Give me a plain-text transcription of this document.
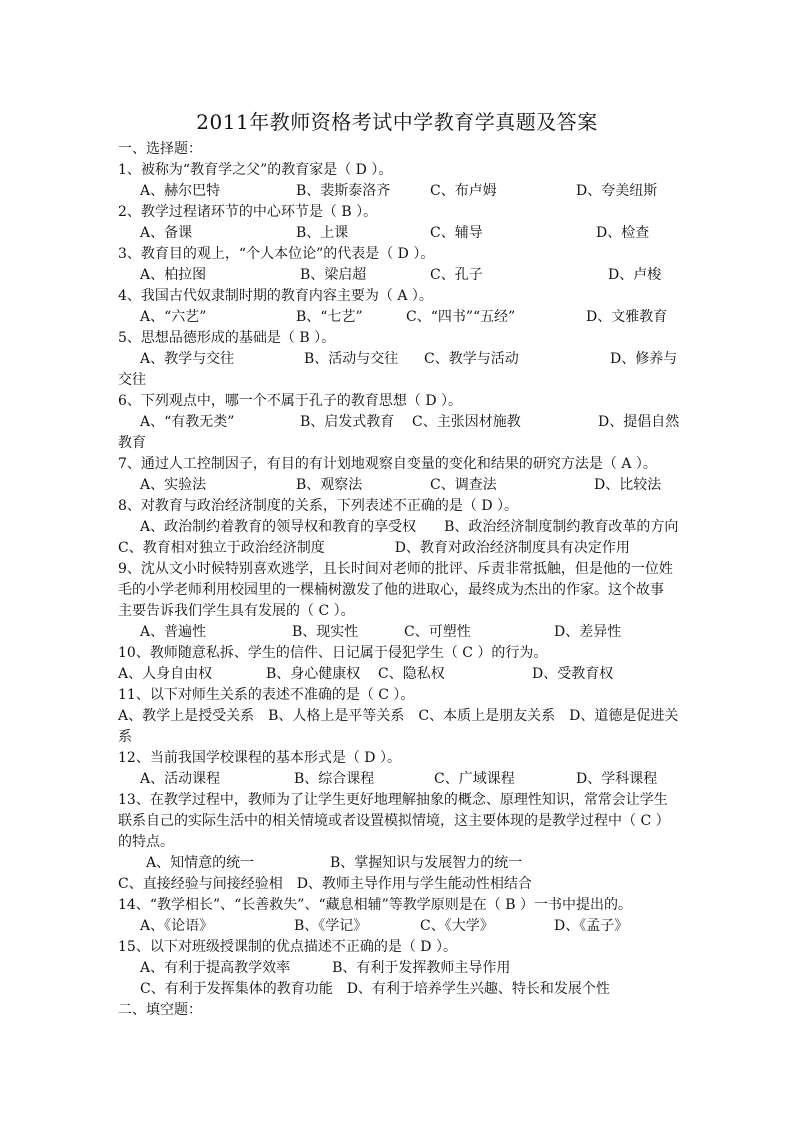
2011年教师资格考试中学教育学真题及答案
一、选择题：
1、被称为“教育学之父”的教育家是（ D ）。
A、赫尔巴特	B、裴斯泰洛齐	C、布卢姆	D、夸美纽斯
2、教学过程诸环节的中心环节是（ B ）。
A、备课	B、上课	C、辅导	D、检查
3、教育目的观上，“个人本位论”的代表是（ D ）。
A、柏拉图	B、梁启超	C、孔子	D、卢梭
4、我国古代奴隶制时期的教育内容主要为（ A ）。
A、“六艺”	B、“七艺”	C、“四书”“五经”	D、文雅教育
5、思想品德形成的基础是（ B ）。
A、教学与交往	B、活动与交往 C、教学与活动	D、修养与
交往
6、下列观点中，哪一个不属于孔子的教育思想（ D ）。
A、“有教无类”	B、启发式教育 C、主张因材施教	D、提倡自然
教育
7、通过人工控制因子，有目的有计划地观察自变量的变化和结果的研究方法是（ A ）。
A、实验法	B、观察法	C、调查法	D、比较法
8、对教育与政治经济制度的关系，下列表述不正确的是（ D ）。
A、政治制约着教育的领导权和教育的享受权　　B、政治经济制度制约教育改革的方向
C、教育相对独立于政治经济制度　　　　　D、教育对政治经济制度具有决定作用
9、沈从文小时候特别喜欢逃学，且长时间对老师的批评、斥责非常抵触，但是他的一位姓
毛的小学老师利用校园里的一棵楠树激发了他的进取心，最终成为杰出的作家。这个故事
主要告诉我们学生具有发展的（ C ）。
A、普遍性	B、现实性	C、可塑性	D、差异性
10、教师随意私拆、学生的信件、日记属于侵犯学生（ C ）的行为。
A、人身自由权	B、身心健康权 C、隐私权	D、受教育权
11、以下对师生关系的表述不准确的是（ C ）。
A、教学上是授受关系　B、人格上是平等关系　C、本质上是朋友关系　D、道德是促进关
系
12、当前我国学校课程的基本形式是（ D ）。
A、活动课程	B、综合课程	C、广域课程	D、学科课程
13、在教学过程中，教师为了让学生更好地理解抽象的概念、原理性知识，常常会让学生
联系自己的实际生活中的相关情境或者设置模拟情境，这主要体现的是教学过程中（ C ）
的特点。
A、知情意的统一	B、掌握知识与发展智力的统一
C、直接经验与间接经验相　D、教师主导作用与学生能动性相结合
14、“教学相长”、“长善救失”、“藏息相辅”等教学原则是在（ B ）一书中提出的。
A、《论语》	B、《学记》	C、《大学》	D、《孟子》
15、以下对班级授课制的优点描述不正确的是（ D ）。
A、有利于提高教学效率　　　B、有利于发挥教师主导作用
C、有利于发挥集体的教育功能　D、有利于培养学生兴趣、特长和发展个性
二、填空题：
